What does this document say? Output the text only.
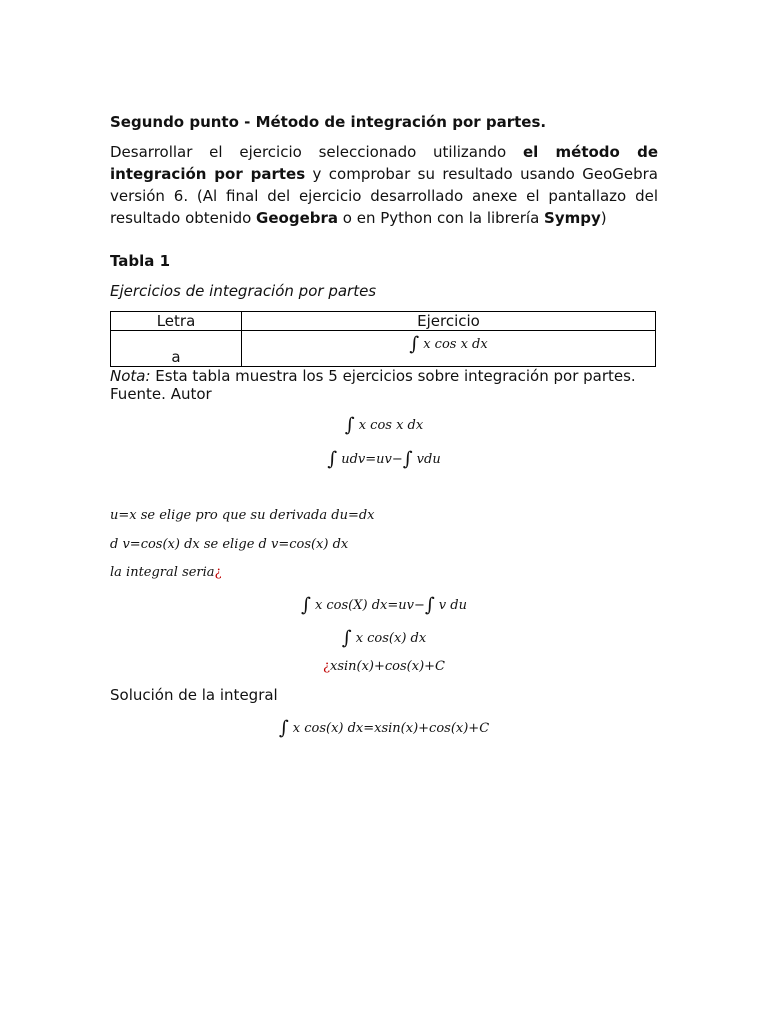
Segundo punto - Método de integración por partes.

Desarrollar el ejercicio seleccionado utilizando el método de integración por partes y comprobar su resultado usando GeoGebra versión 6. (Al final del ejercicio desarrollado anexe el pantallazo del resultado obtenido Geogebra o en Python con la librería Sympy)

Tabla 1
Ejercicios de integración por partes
Letra	Ejercicio
a	∫ x cos x dx
Nota: Esta tabla muestra los 5 ejercicios sobre integración por partes.
Fuente. Autor
∫ x cos x dx
∫ udv=uv−∫ vdu
u=x se elige pro que su derivada du=dx
d v=cos(x) dx se elige d v=cos(x) dx
la integral seria¿
∫ x cos(X) dx=uv−∫ v du
∫ x cos(x) dx
¿xsin(x)+cos(x)+C
Solución de la integral
∫ x cos(x) dx=xsin(x)+cos(x)+C
